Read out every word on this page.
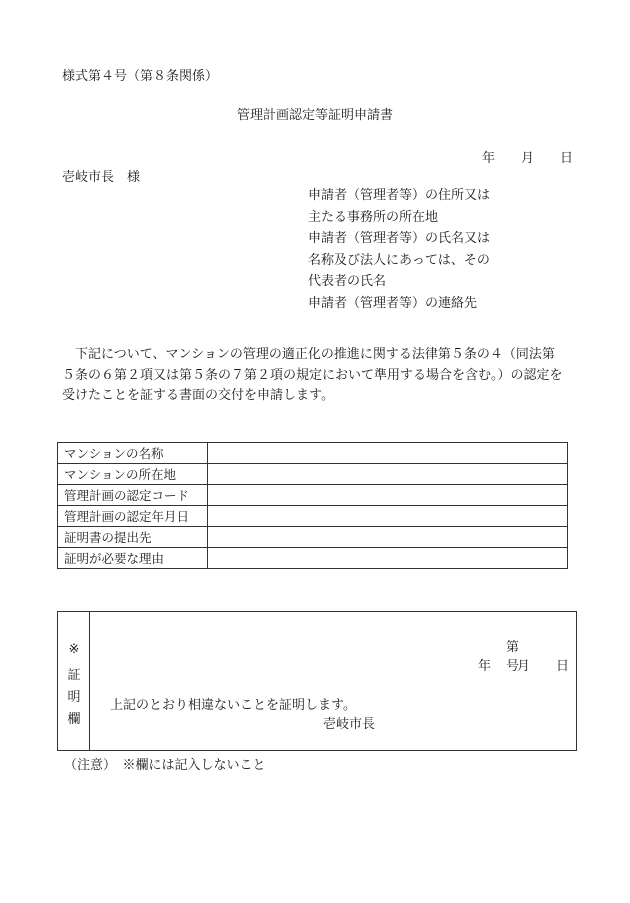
様式第４号（第８条関係）
管理計画認定等証明申請書
年 月 日
壱岐市長　様
申請者（管理者等）の住所又は
主たる事務所の所在地
申請者（管理者等）の氏名又は
名称及び法人にあっては、その
代表者の氏名
申請者（管理者等）の連絡先

　下記について、マンションの管理の適正化の推進に関する法律第５条の４（同法第

５条の６第２項又は第５条の７第２項の規定において準用する場合を含む。）の認定を

受けたことを証する書面の交付を申請します。

マンションの名称	
マンションの所在地	
管理計画の認定コード	
管理計画の認定年月日	
証明書の提出先	
証明が必要な理由	
※
証
明
欄
第号
年 月 日
上記のとおり相違ないことを証明します。
壱岐市長
（注意）　※欄には記入しないこと
